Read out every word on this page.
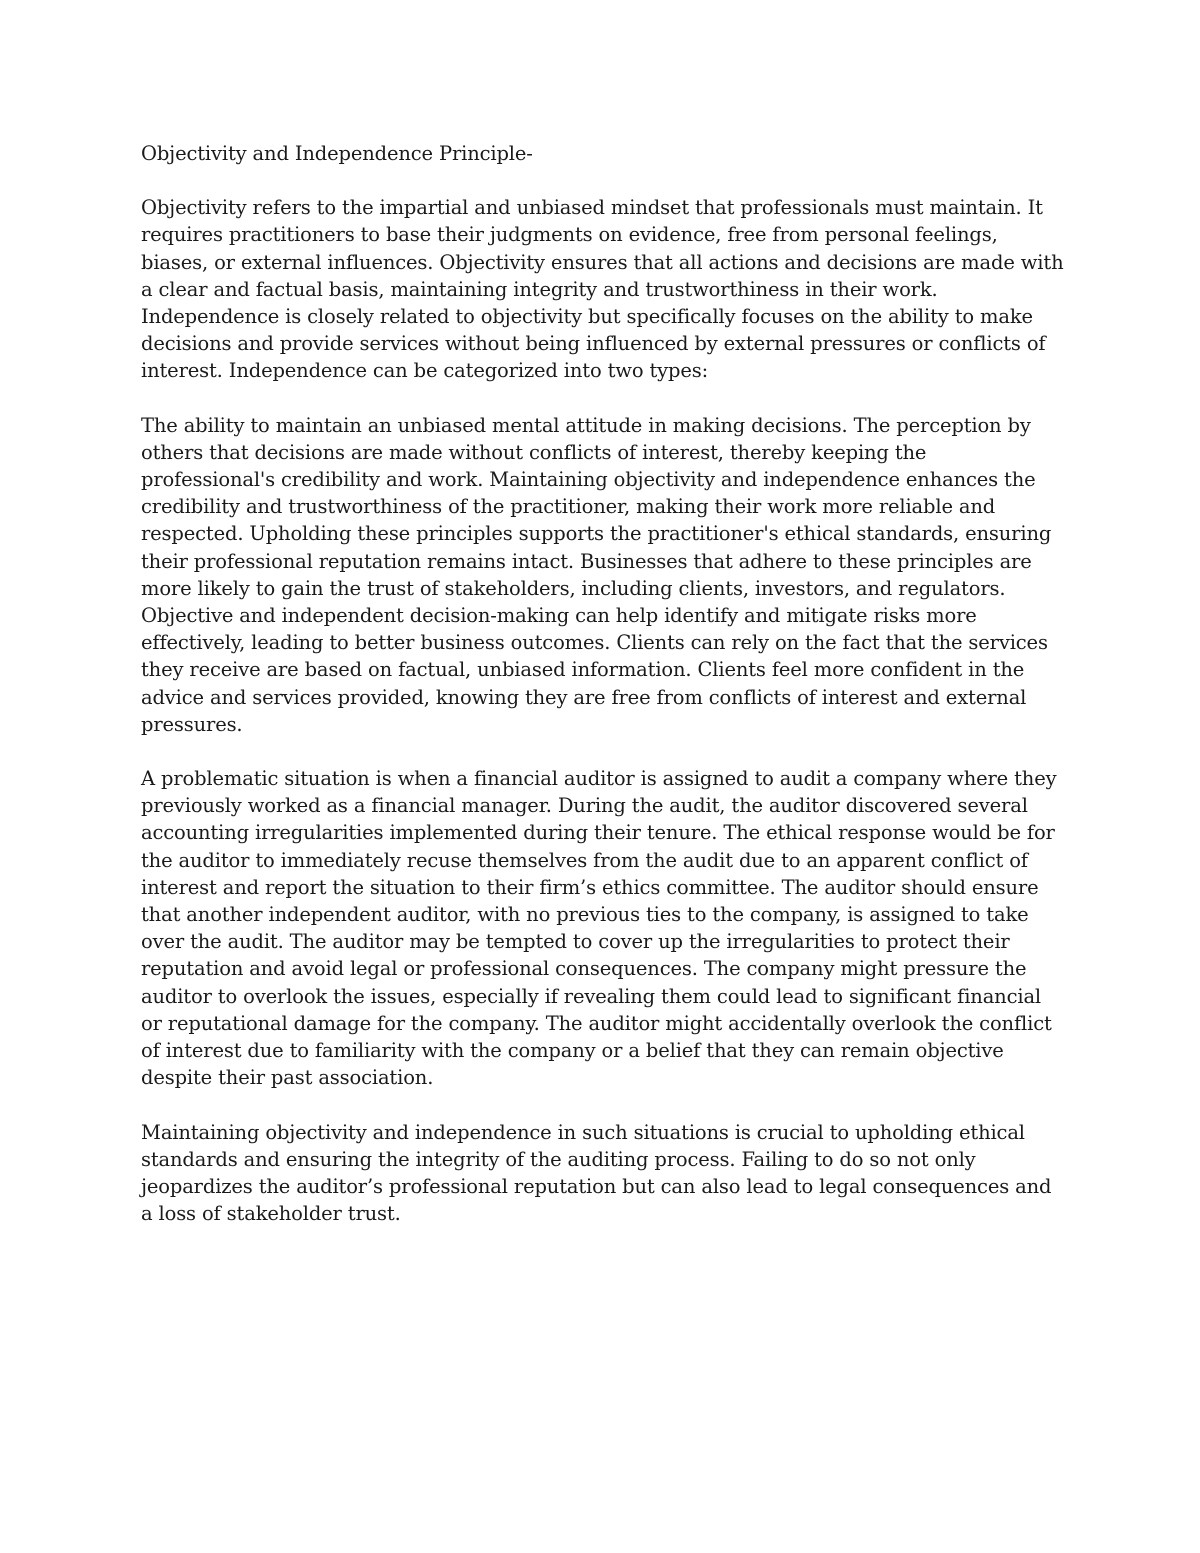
Objectivity and Independence Principle-

Objectivity refers to the impartial and unbiased mindset that professionals must maintain. It requires practitioners to base their judgments on evidence, free from personal feelings, biases, or external influences. Objectivity ensures that all actions and decisions are made with a clear and factual basis, maintaining integrity and trustworthiness in their work. Independence is closely related to objectivity but specifically focuses on the ability to make decisions and provide services without being influenced by external pressures or conflicts of interest. Independence can be categorized into two types:

The ability to maintain an unbiased mental attitude in making decisions. The perception by others that decisions are made without conflicts of interest, thereby keeping the professional's credibility and work. Maintaining objectivity and independence enhances the credibility and trustworthiness of the practitioner, making their work more reliable and respected. Upholding these principles supports the practitioner's ethical standards, ensuring their professional reputation remains intact. Businesses that adhere to these principles are more likely to gain the trust of stakeholders, including clients, investors, and regulators. Objective and independent decision-making can help identify and mitigate risks more effectively, leading to better business outcomes. Clients can rely on the fact that the services they receive are based on factual, unbiased information. Clients feel more confident in the advice and services provided, knowing they are free from conflicts of interest and external pressures.

A problematic situation is when a financial auditor is assigned to audit a company where they previously worked as a financial manager. During the audit, the auditor discovered several accounting irregularities implemented during their tenure. The ethical response would be for the auditor to immediately recuse themselves from the audit due to an apparent conflict of interest and report the situation to their firm’s ethics committee. The auditor should ensure that another independent auditor, with no previous ties to the company, is assigned to take over the audit. The auditor may be tempted to cover up the irregularities to protect their reputation and avoid legal or professional consequences. The company might pressure the auditor to overlook the issues, especially if revealing them could lead to significant financial or reputational damage for the company. The auditor might accidentally overlook the conflict of interest due to familiarity with the company or a belief that they can remain objective despite their past association.

Maintaining objectivity and independence in such situations is crucial to upholding ethical standards and ensuring the integrity of the auditing process. Failing to do so not only jeopardizes the auditor’s professional reputation but can also lead to legal consequences and a loss of stakeholder trust.
